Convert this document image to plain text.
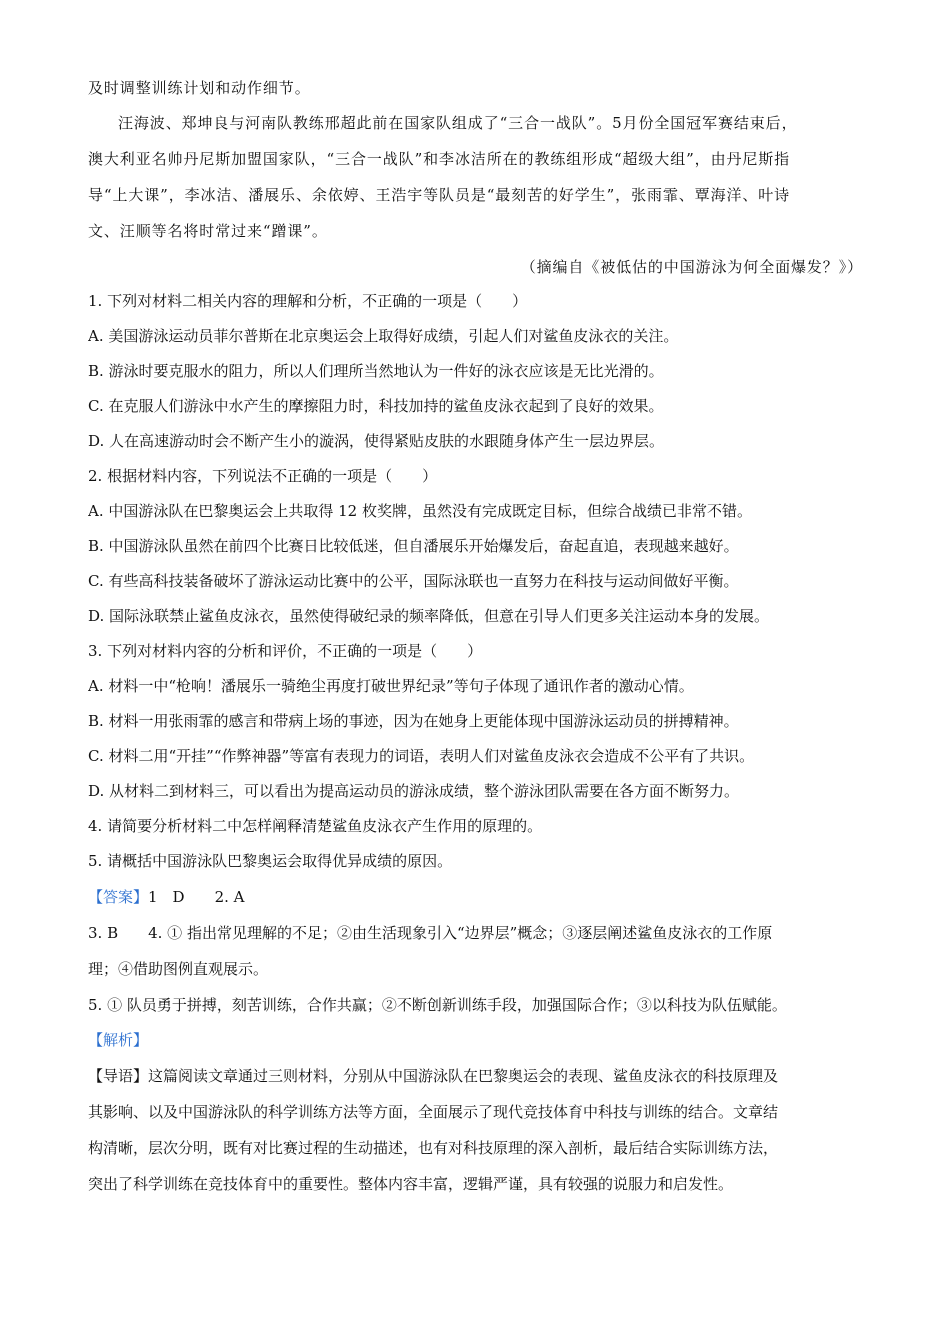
及时调整训练计划和动作细节。
汪海波、郑坤良与河南队教练邢超此前在国家队组成了“三合一战队”。5月份全国冠军赛结束后，
澳大利亚名帅丹尼斯加盟国家队，“三合一战队”和李冰洁所在的教练组形成“超级大组”，由丹尼斯指
导“上大课”，李冰洁、潘展乐、余依婷、王浩宇等队员是“最刻苦的好学生”，张雨霏、覃海洋、叶诗
文、汪顺等名将时常过来“蹭课”。
（摘编自《被低估的中国游泳为何全面爆发？》）
1. 下列对材料二相关内容的理解和分析，不正确的一项是（　　）
A. 美国游泳运动员菲尔普斯在北京奥运会上取得好成绩，引起人们对鲨鱼皮泳衣的关注。
B. 游泳时要克服水的阻力，所以人们理所当然地认为一件好的泳衣应该是无比光滑的。
C. 在克服人们游泳中水产生的摩擦阻力时，科技加持的鲨鱼皮泳衣起到了良好的效果。
D. 人在高速游动时会不断产生小的漩涡，使得紧贴皮肤的水跟随身体产生一层边界层。
2. 根据材料内容，下列说法不正确的一项是（　　）
A. 中国游泳队在巴黎奥运会上共取得 12 枚奖牌，虽然没有完成既定目标，但综合战绩已非常不错。
B. 中国游泳队虽然在前四个比赛日比较低迷，但自潘展乐开始爆发后，奋起直追，表现越来越好。
C. 有些高科技装备破坏了游泳运动比赛中的公平，国际泳联也一直努力在科技与运动间做好平衡。
D. 国际泳联禁止鲨鱼皮泳衣，虽然使得破纪录的频率降低，但意在引导人们更多关注运动本身的发展。
3. 下列对材料内容的分析和评价，不正确的一项是（　　）
A. 材料一中“枪响！潘展乐一骑绝尘再度打破世界纪录”等句子体现了通讯作者的激动心情。
B. 材料一用张雨霏的感言和带病上场的事迹，因为在她身上更能体现中国游泳运动员的拼搏精神。
C. 材料二用“开挂”“作弊神器”等富有表现力的词语，表明人们对鲨鱼皮泳衣会造成不公平有了共识。
D. 从材料二到材料三，可以看出为提高运动员的游泳成绩，整个游泳团队需要在各方面不断努力。
4. 请简要分析材料二中怎样阐释清楚鲨鱼皮泳衣产生作用的原理的。
5. 请概括中国游泳队巴黎奥运会取得优异成绩的原因。
【答案】1　D　　2. A
3. B　　4. ① 指出常见理解的不足；②由生活现象引入“边界层”概念；③逐层阐述鲨鱼皮泳衣的工作原
理；④借助图例直观展示。
5. ① 队员勇于拼搏，刻苦训练，合作共赢；②不断创新训练手段，加强国际合作；③以科技为队伍赋能。
【解析】
【导语】这篇阅读文章通过三则材料，分别从中国游泳队在巴黎奥运会的表现、鲨鱼皮泳衣的科技原理及
其影响、以及中国游泳队的科学训练方法等方面，全面展示了现代竞技体育中科技与训练的结合。文章结
构清晰，层次分明，既有对比赛过程的生动描述，也有对科技原理的深入剖析，最后结合实际训练方法，
突出了科学训练在竞技体育中的重要性。整体内容丰富，逻辑严谨，具有较强的说服力和启发性。
